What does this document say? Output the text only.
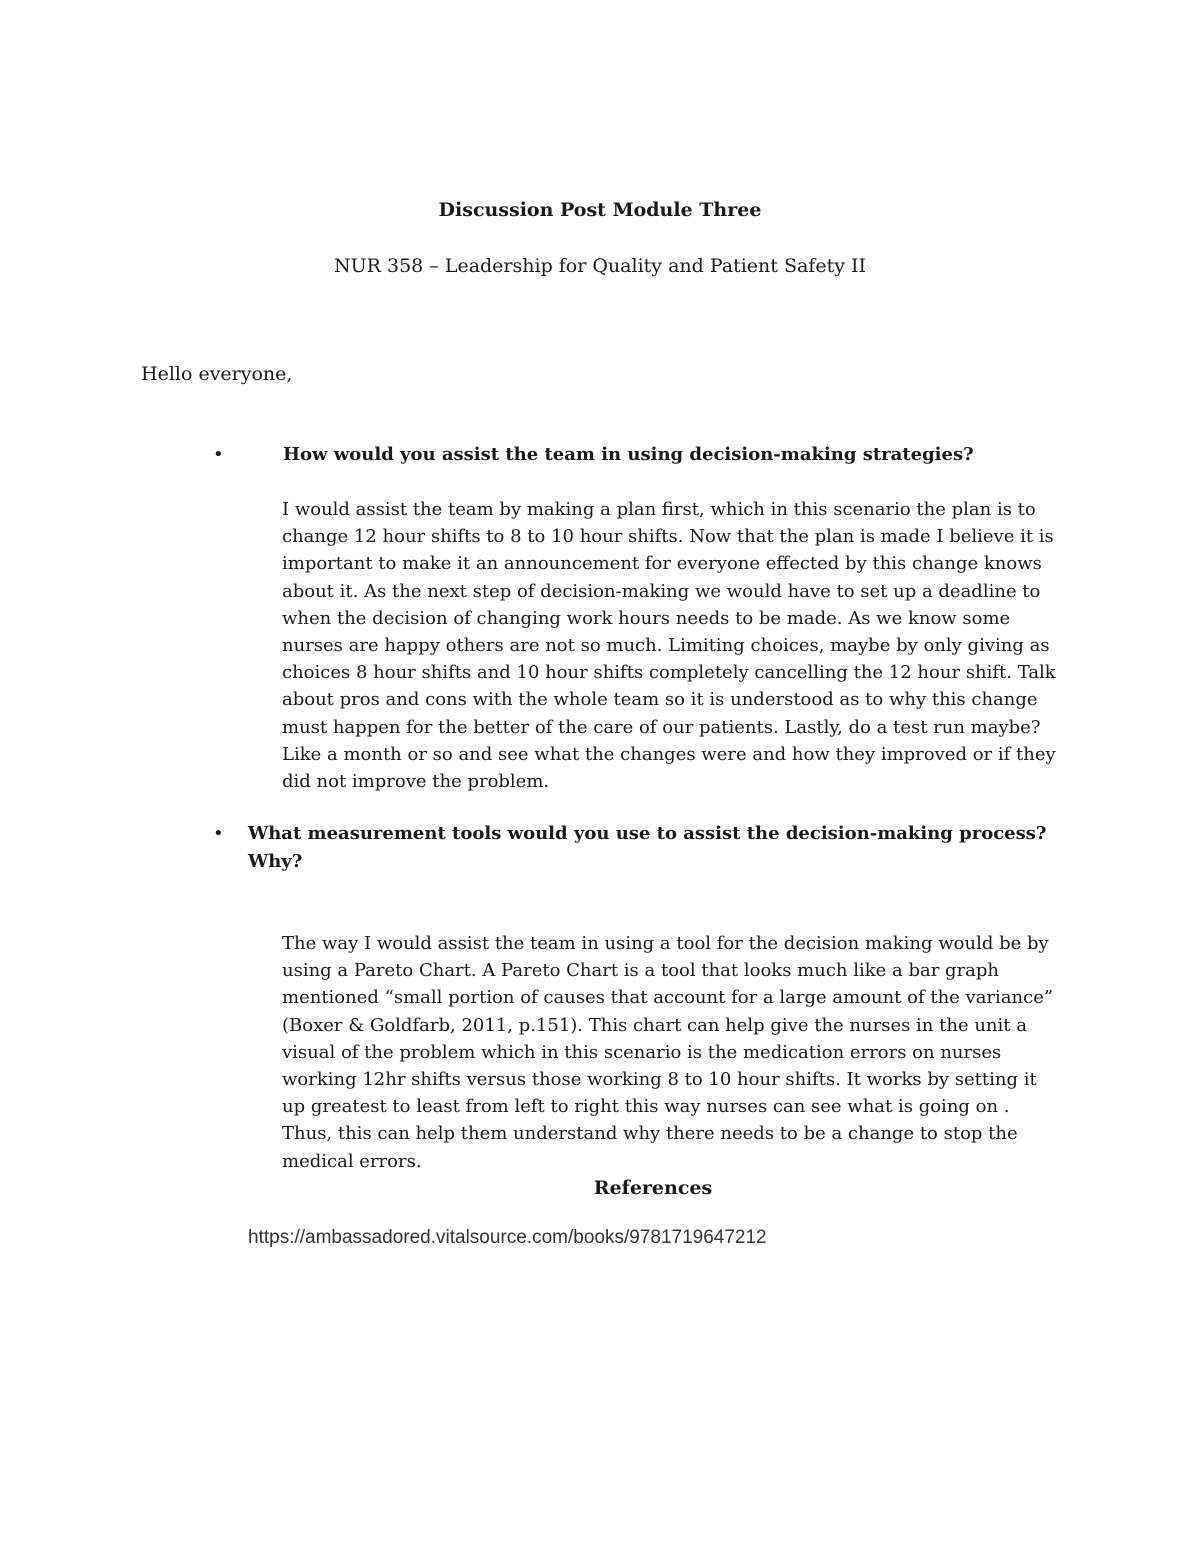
Discussion Post Module Three
NUR 358 – Leadership for Quality and Patient Safety II
Hello everyone,
•	How would you assist the team in using decision-making strategies?

I would assist the team by making a plan first, which in this scenario the plan is to change 12 hour shifts to 8 to 10 hour shifts. Now that the plan is made I believe it is important to make it an announcement for everyone effected by this change knows about it. As the next step of decision-making we would have to set up a deadline to when the decision of changing work hours needs to be made. As we know some nurses are happy others are not so much. Limiting choices, maybe by only giving as choices 8 hour shifts and 10 hour shifts completely cancelling the 12 hour shift. Talk about pros and cons with the whole team so it is understood as to why this change must happen for the better of the care of our patients. Lastly, do a test run maybe? Like a month or so and see what the changes were and how they improved or if they did not improve the problem.

• What measurement tools would you use to assist the decision-making process? Why?

The way I would assist the team in using a tool for the decision making would be by using a Pareto Chart. A Pareto Chart is a tool that looks much like a bar graph mentioned “small portion of causes that account for a large amount of the variance” (Boxer & Goldfarb, 2011, p.151). This chart can help give the nurses in the unit a visual of the problem which in this scenario is the medication errors on nurses working 12hr shifts versus those working 8 to 10 hour shifts. It works by setting it up greatest to least from left to right this way nurses can see what is going on . Thus, this can help them understand why there needs to be a change to stop the medical errors.

References
https://ambassadored.vitalsource.com/books/9781719647212
